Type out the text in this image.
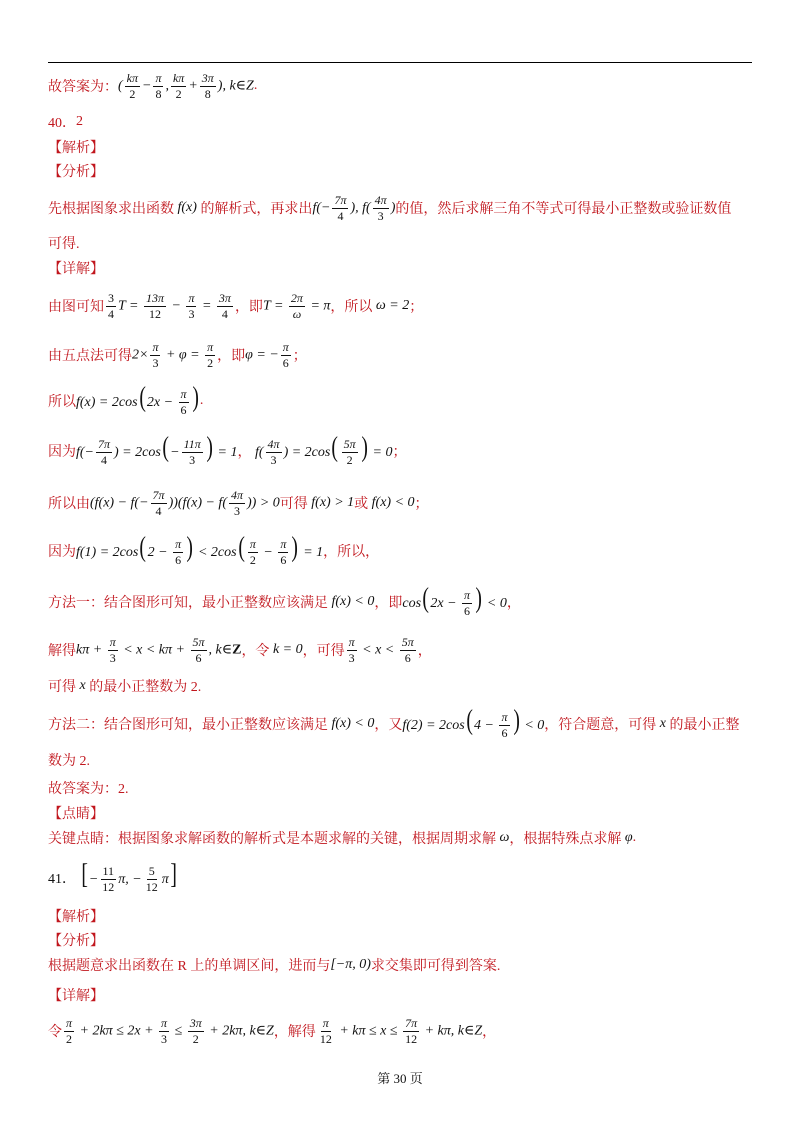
故答案为： ( $\frac{k\pi}{2} - \frac{\pi}{8}$ , $\frac{k\pi}{2} + \frac{3\pi}{8}$ ), k∈Z .
40． 2
【解析】
【分析】
先根据图象求出函数 f(x) 的解析式，再求出 $f(- \frac{7\pi}{4}$ ), $f( \frac{4\pi}{3}$ ) 的值，然后求解三角不等式可得最小正整数或验证数值
可得.
【详解】
由图可知 $\frac{3}{4}$ $T = \frac{13\pi}{12} - \frac{\pi}{3} = \frac{3\pi}{4}$ ，即 $T = \frac{2\pi}{\omega} = \pi$ ，所以 ω = 2 ；
由五点法可得 $2\times \frac{\pi}{3} + \varphi = \frac{\pi}{2}$ ，即 φ = − $\frac{\pi}{6}$ ；
所以 $f(x) = 2\cos(2x - \frac{\pi}{6}$ ) .
因为 $f(- \frac{7\pi}{4}$ ) = $2\cos(- \frac{11\pi}{3}$ ) = 1 ， $f( \frac{4\pi}{3}$ ) = $2\cos( \frac{5\pi}{2}$ ) = 0 ；
所以由 $(f(x) - f(- \frac{7\pi}{4} ))(f(x) - f( \frac{4\pi}{3}$ )) > 0 可得 f(x) > 1 或 f(x) < 0 ；
因为 $f(1) = 2\cos(2 - \frac{\pi}{6}$ ) < $2\cos( \frac{\pi}{2} - \frac{\pi}{6}$ ) = 1 ，所以，
方法一：结合图形可知，最小正整数应该满足 f(x) < 0 ，即 $\cos(2x - \frac{\pi}{6}$ ) < 0 ，
解得 $k\pi + \frac{\pi}{3} < x < k\pi + \frac{5\pi}{6}$ , k∈Z ，令 k = 0 ，可得 $\frac{\pi}{3} < x < \frac{5\pi}{6}$ ，
可得 x 的最小正整数为 2.
方法二：结合图形可知，最小正整数应该满足 f(x) < 0 ，又 $f(2) = 2\cos(4 - \frac{\pi}{6}$ ) < 0 ，符合题意，可得 x 的最小正整
数为 2.
故答案为：2.
【点睛】
关键点睛：根据图象求解函数的解析式是本题求解的关键，根据周期求解 ω ，根据特殊点求解 φ .
41． [− $\frac{11}{12} \pi$, − $\frac{5}{12} \pi$]
【解析】
【分析】
根据题意求出函数在 R 上的单调区间，进而与 [−π, 0) 求交集即可得到答案.
【详解】
令 $\frac{\pi}{2} + 2k\pi \le 2x + \frac{\pi}{3} \le \frac{3\pi}{2} + 2k\pi$, k∈Z ，解得 $\frac{\pi}{12} + k\pi \le x \le \frac{7\pi}{12} + k\pi$, k∈Z ，
第 30 页
